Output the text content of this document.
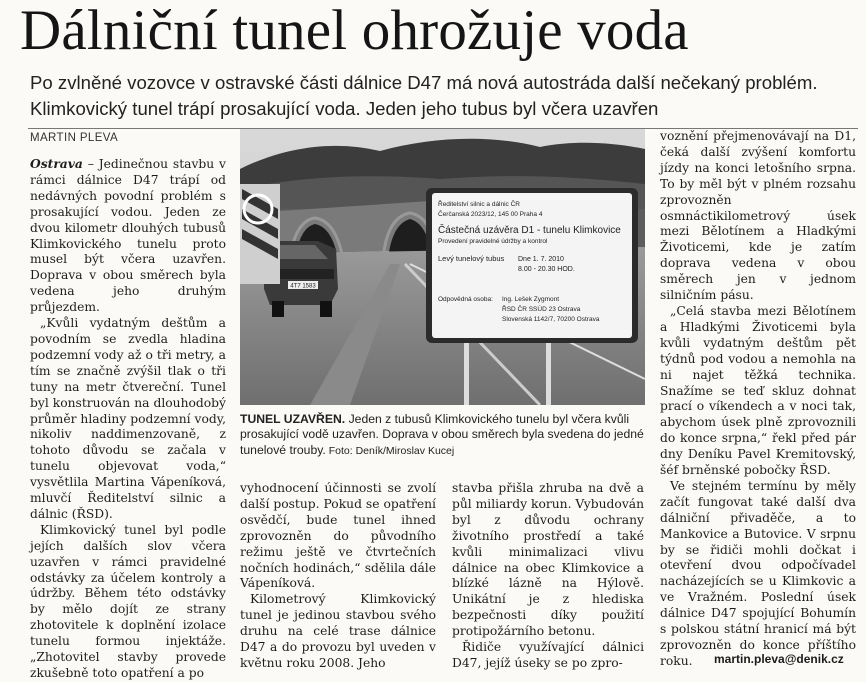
Dálniční tunel ohrožuje voda
Po zvlněné vozovce v ostravské části dálnice D47 má nová autostráda další nečekaný problém. Klimkovický tunel trápí prosakující voda. Jeden jeho tubus byl včera uzavřen
MARTIN PLEVA

Ostrava – Jedinečnou stavbu v rámci dálnice D47 trápí od nedávných povodní problém s prosakující vodou. Jeden ze dvou kilometr dlouhých tubusů Klimkovického tunelu proto musel být včera uzavřen. Doprava v obou směrech byla vedena jeho druhým průjezdem.

„Kvůli vydatným deštům a povodním se zvedla hladina podzemní vody až o tři metry, a tím se značně zvýšil tlak o tři tuny na metr čtvereční. Tunel byl konstruován na dlouhodobý průměr hladiny podzemní vody, nikoliv naddimenzovaně, z tohoto důvodu se začala v tunelu objevovat voda,“ vysvětlila Martina Vápeníková, mluvčí Ředitelství silnic a dálnic (ŘSD).

Klimkovický tunel byl podle jejích dalších slov včera uzavřen v rámci pravidelné odstávky za účelem kontroly a údržby. Během této odstávky by mělo dojít ze strany zhotovitele k doplnění izolace tunelu formou injektáže. „Zhotovitel stavby provede zkušebně toto opatření a po

4T7 1583
Ředitelství silnic a dálnic ČR
Čerčanská 2023/12, 145 00 Praha 4
Částečná uzávěra D1 - tunelu Klimkovice
Provedení pravidelné údržby a kontrol
Levý tunelový tubus Dne 1. 7. 2010
8.00 - 20.30 HOD.
Odpovědná osoba: Ing. Lešek Zygmont
ŘSD ČR SSÚD 23 Ostrava
Slovenská 1142/7, 70200 Ostrava
TUNEL UZAVŘEN. Jeden z tubusů Klimkovického tunelu byl včera kvůli prosakující vodě uzavřen. Doprava v obou směrech byla svedena do jedné tunelové trouby. Foto: Deník/Miroslav Kucej

vyhodnocení účinnosti se zvolí další postup. Pokud se opatření osvědčí, bude tunel ihned zprovozněn do původního režimu ještě ve čtvrtečních nočních hodinách,“ sdělila dále Vápeníková.

Kilometrový Klimkovický tunel je jedinou stavbou svého druhu na celé trase dálnice D47 a do provozu byl uveden v květnu roku 2008. Jeho

stavba přišla zhruba na dvě a půl miliardy korun. Vybudován byl z důvodu ochrany životního prostředí a také kvůli minimalizaci vlivu dálnice na obec Klimkovice a blízké lázně na Hýlově. Unikátní je z hlediska bezpečnosti díky použití protipožárního betonu.

Řidiče využívající dálnici D47, jejíž úseky se po zpro-

voznění přejmenovávají na D1, čeká další zvýšení komfortu jízdy na konci letošního srpna. To by měl být v plném rozsahu zprovozněn osmnáctikilometrový úsek mezi Bělotínem a Hladkými Životicemi, kde je zatím doprava vedena v obou směrech jen v jednom silničním pásu.

„Celá stavba mezi Bělotínem a Hladkými Životicemi byla kvůli vydatným deštům pět týdnů pod vodou a nemohla na ni najet těžká technika. Snažíme se teď skluz dohnat prací o víkendech a v noci tak, abychom úsek plně zprovoznili do konce srpna,“ řekl před pár dny Deníku Pavel Kremitovský, šéf brněnské pobočky ŘSD.

Ve stejném termínu by měly začít fungovat také další dva dálniční přivaděče, a to Mankovice a Butovice. V srpnu by se řidiči mohli dočkat i otevření dvou odpočívadel nacházejících se u Klimkovic a ve Vražném. Poslední úsek dálnice D47 spojující Bohumín s polskou státní hranicí má být zprovozněn do konce příštího roku.	martin.pleva@denik.cz
